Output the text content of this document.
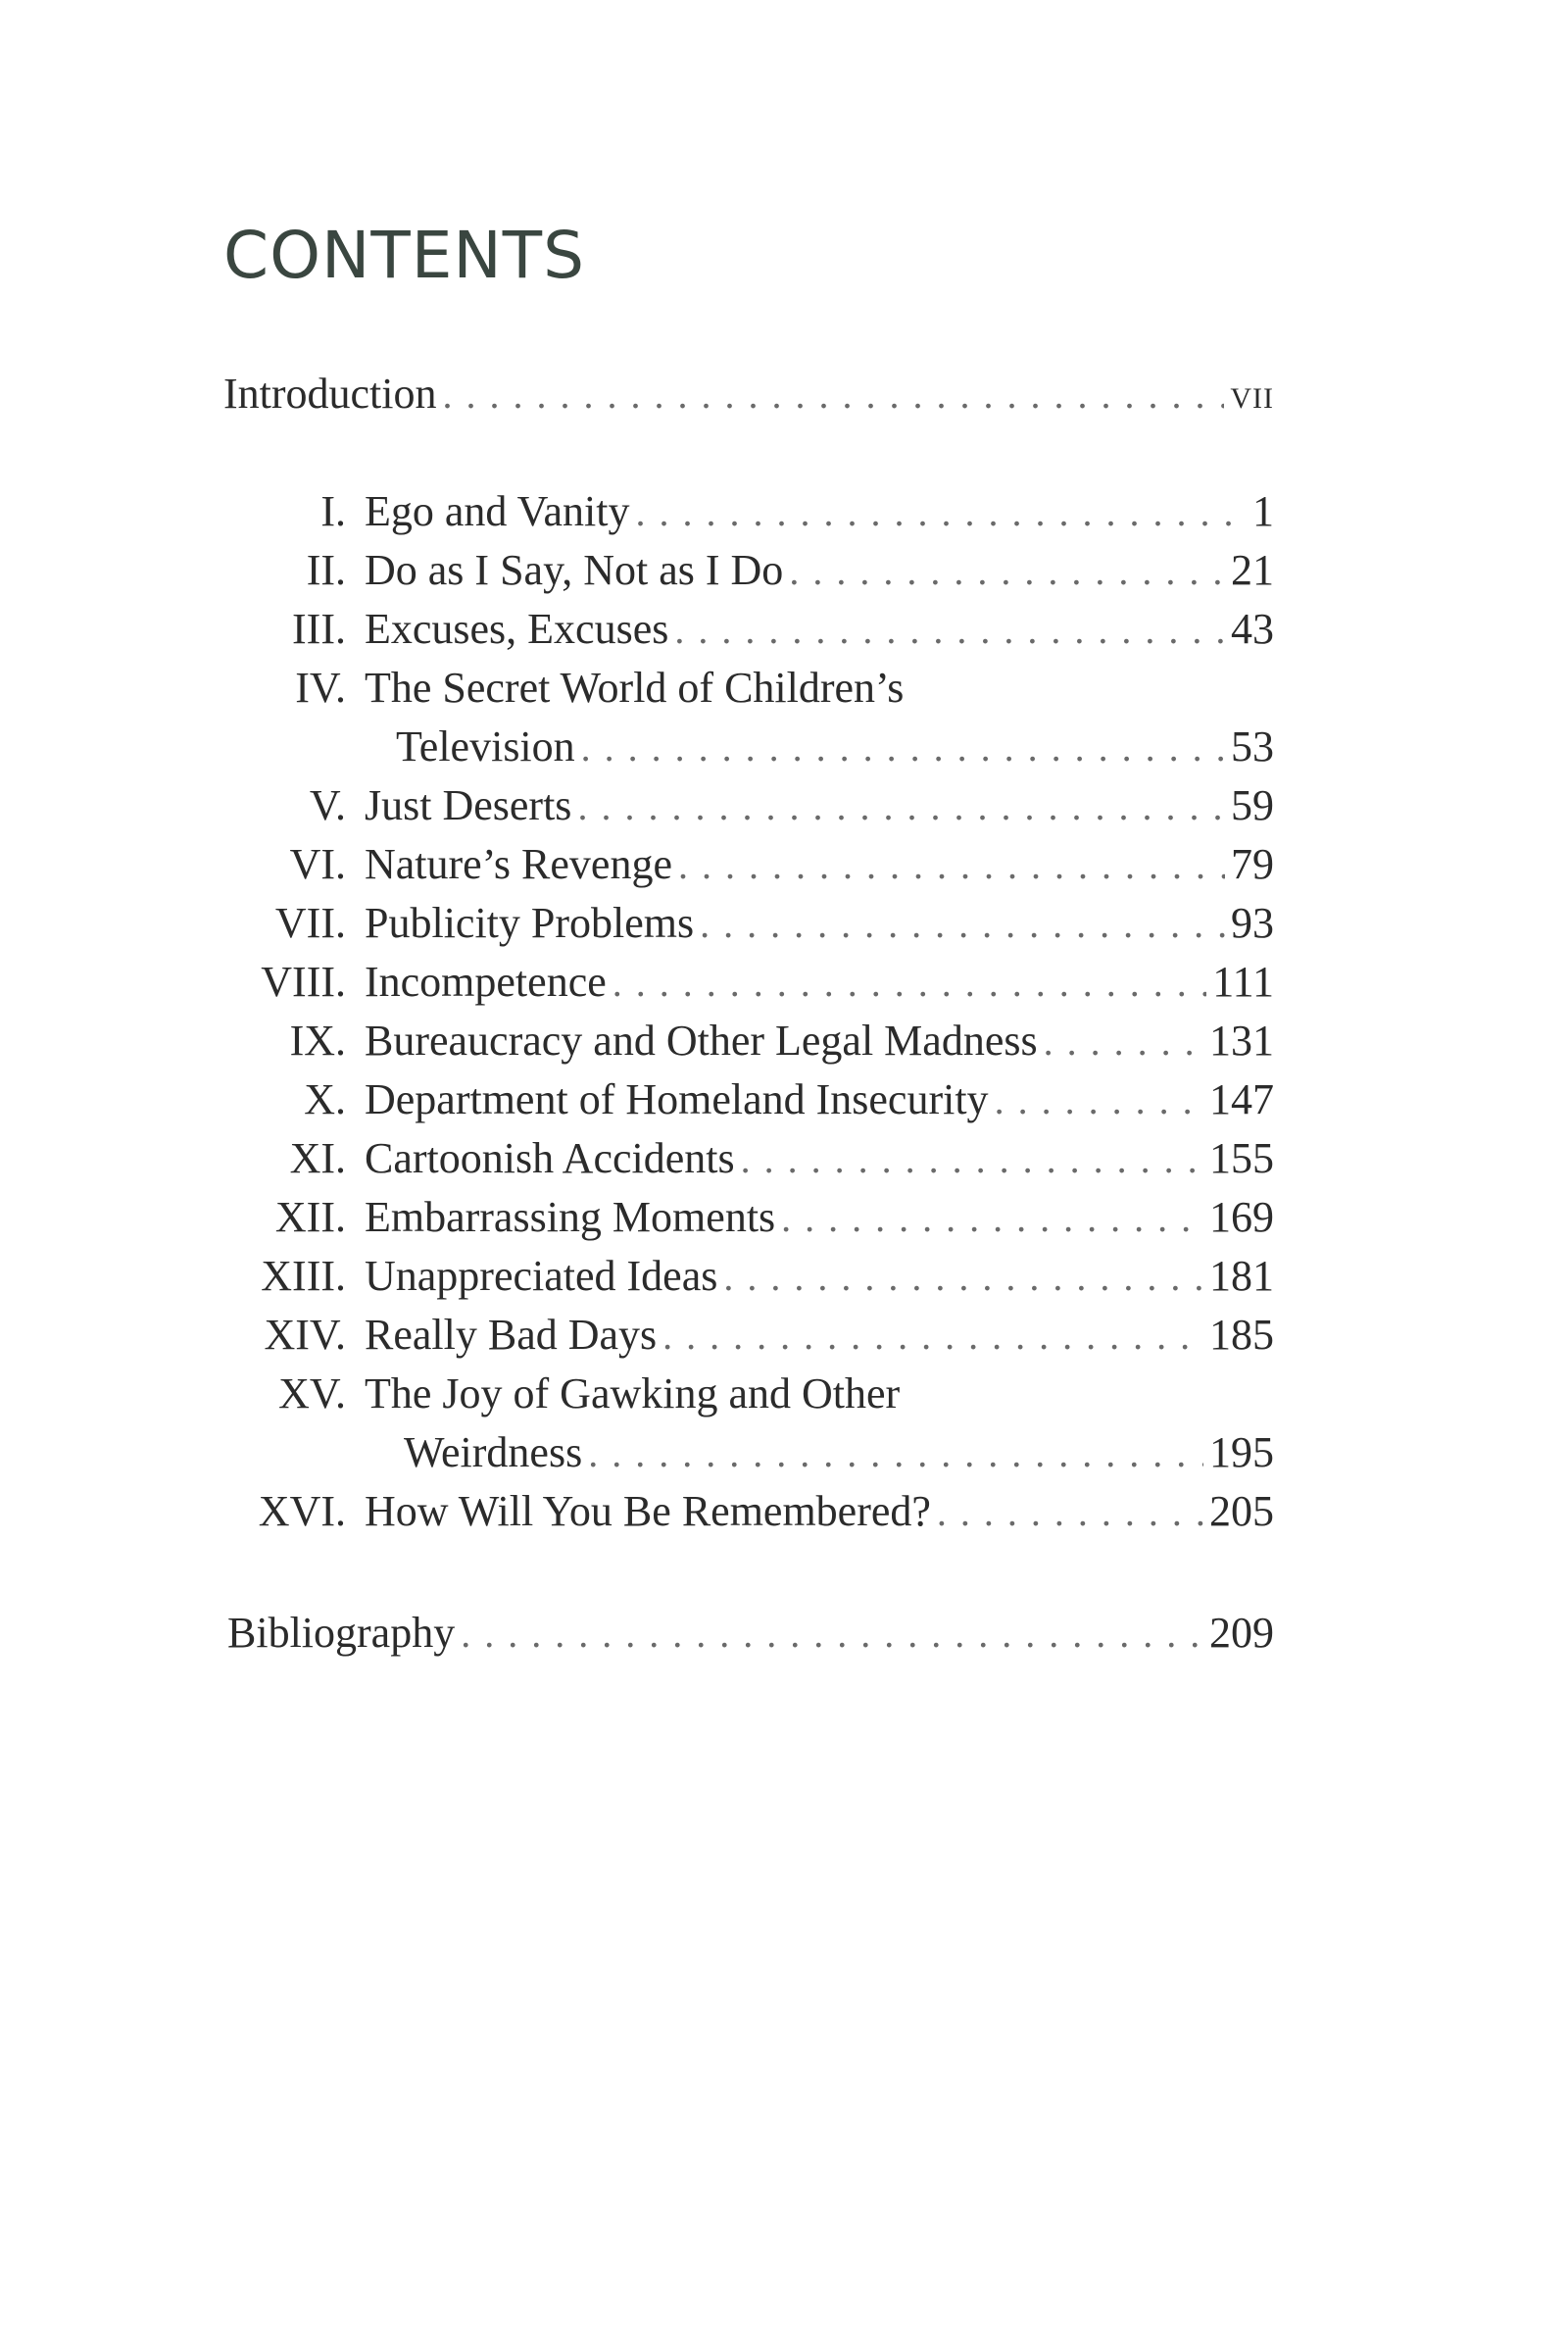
CONTENTS
Introduction . . .	VII
I. Ego and Vanity . . .	1
II. Do as I Say, Not as I Do . . .	21
III. Excuses, Excuses . . .	43
IV. The Secret World of Children’s
Television . . .	53
V. Just Deserts . . .	59
VI. Nature’s Revenge . . .	79
VII. Publicity Problems . . .	93
VIII. Incompetence . . .	111
IX. Bureaucracy and Other Legal Madness . . .	131
X. Department of Homeland Insecurity . . .	147
XI. Cartoonish Accidents . . .	155
XII. Embarrassing Moments . . .	169
XIII. Unappreciated Ideas . . .	181
XIV. Really Bad Days . . .	185
XV. The Joy of Gawking and Other
Weirdness . . .	195
XVI. How Will You Be Remembered? . . .	205
Bibliography . . .	209
